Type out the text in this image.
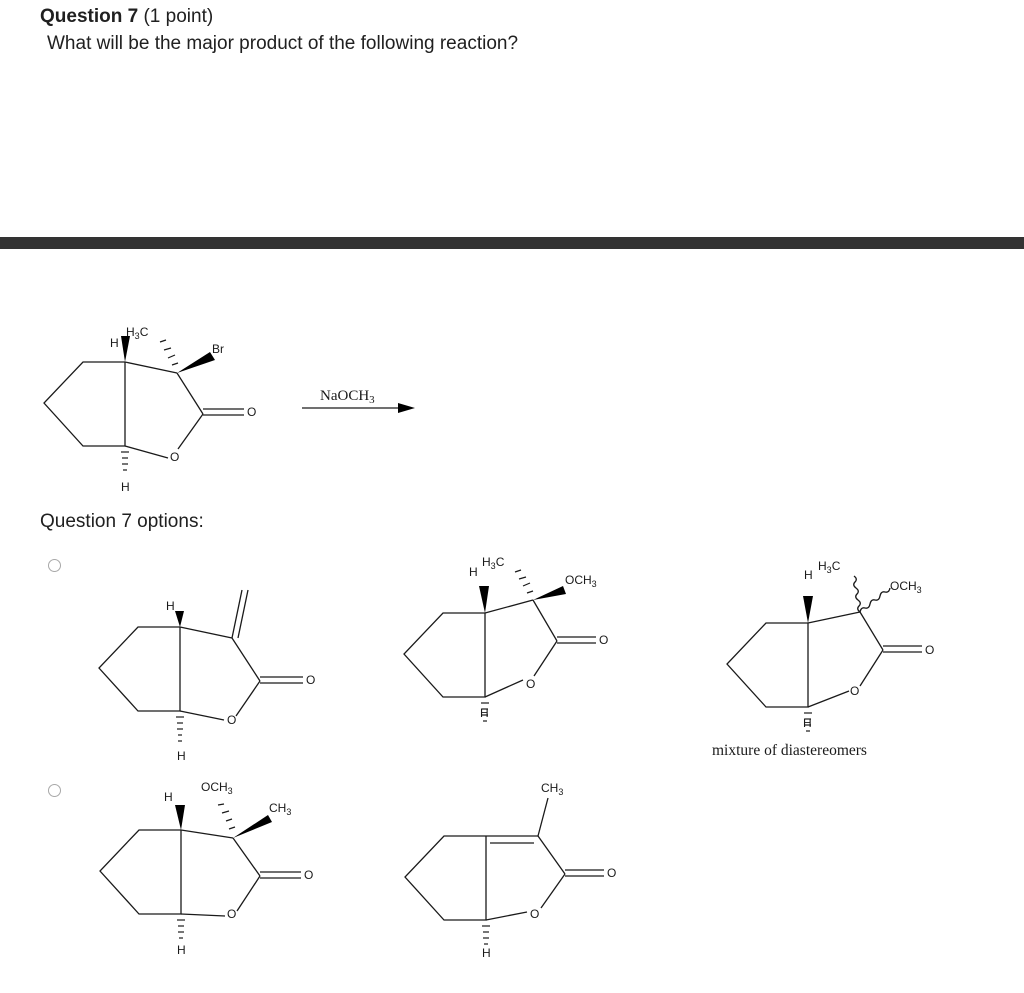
Question 7 (1 point)
What will be the major product of the following reaction?
Question 7 options:
H
$H_3C$
Br
O
O
H
NaOCH$_3$
H
O
O
H
H
$H_3C$
$OCH_3$
O
O
H
H
$H_3C$
$OCH_3$
O
O
H
mixture of diastereomers
H
$OCH_3$
$CH_3$
O
O
H
$CH_3$
O
O
H
